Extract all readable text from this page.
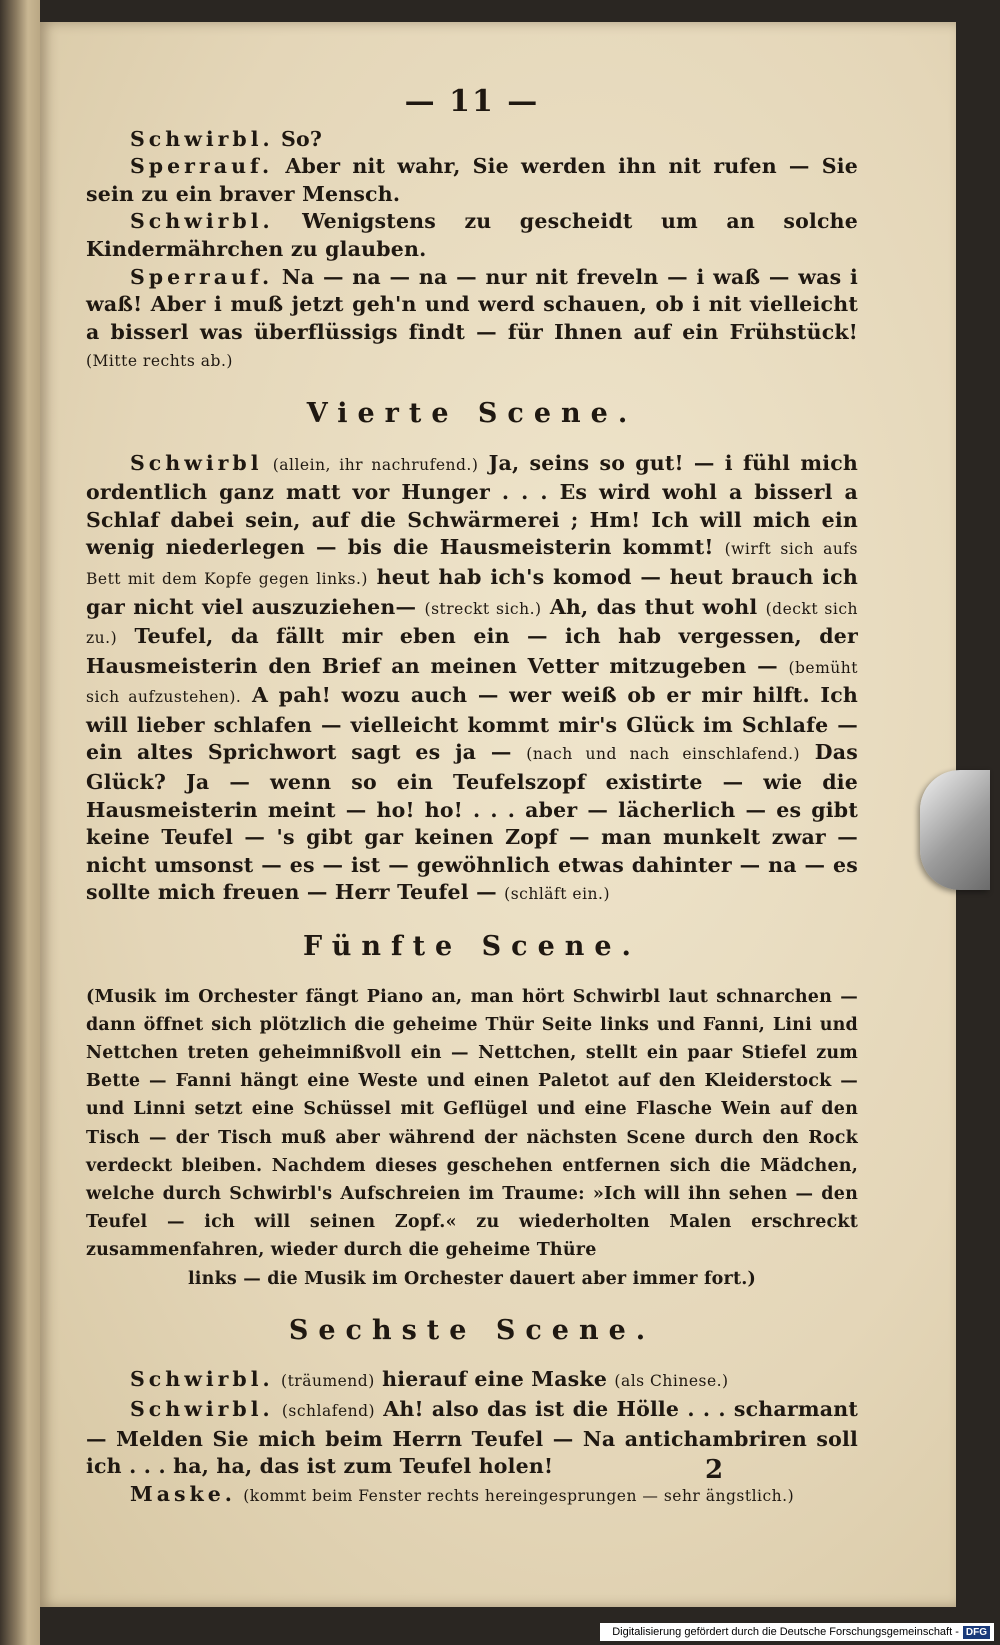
— 11 —

Schwirbl. So?

Sperrauf. Aber nit wahr, Sie werden ihn nit rufen — Sie sein zu ein braver Mensch.

Schwirbl. Wenigstens zu gescheidt um an solche Kindermährchen zu glauben.

Sperrauf. Na — na — na — nur nit freveln — i waß — was i waß! Aber i muß jetzt geh'n und werd schauen, ob i nit vielleicht a bisserl was überflüssigs findt — für Ihnen auf ein Frühstück! (Mitte rechts ab.)

Vierte Scene.

Schwirbl (allein, ihr nachrufend.) Ja, seins so gut! — i fühl mich ordentlich ganz matt vor Hunger . . . Es wird wohl a bisserl a Schlaf dabei sein, auf die Schwärmerei ; Hm! Ich will mich ein wenig niederlegen — bis die Hausmeisterin kommt! (wirft sich aufs Bett mit dem Kopfe gegen links.) heut hab ich's komod — heut brauch ich gar nicht viel auszuziehen— (streckt sich.) Ah, das thut wohl (deckt sich zu.) Teufel, da fällt mir eben ein — ich hab vergessen, der Hausmeisterin den Brief an meinen Vetter mitzugeben — (bemüht sich aufzustehen). A pah! wozu auch — wer weiß ob er mir hilft. Ich will lieber schlafen — vielleicht kommt mir's Glück im Schlafe — ein altes Sprichwort sagt es ja — (nach und nach einschlafend.) Das Glück? Ja — wenn so ein Teufelszopf existirte — wie die Hausmeisterin meint — ho! ho! . . . aber — lächerlich — es gibt keine Teufel — 's gibt gar keinen Zopf — man munkelt zwar — nicht umsonst — es — ist — gewöhnlich etwas dahinter — na — es sollte mich freuen — Herr Teufel — (schläft ein.)

Fünfte Scene.

(Musik im Orchester fängt Piano an, man hört Schwirbl laut schnarchen — dann öffnet sich plötzlich die geheime Thür Seite links und Fanni, Lini und Nettchen treten geheimnißvoll ein — Nettchen, stellt ein paar Stiefel zum Bette — Fanni hängt eine Weste und einen Paletot auf den Kleiderstock — und Linni setzt eine Schüssel mit Geflügel und eine Flasche Wein auf den Tisch — der Tisch muß aber während der nächsten Scene durch den Rock verdeckt bleiben. Nachdem dieses geschehen entfernen sich die Mädchen, welche durch Schwirbl's Aufschreien im Traume: »Ich will ihn sehen — den Teufel — ich will seinen Zopf.« zu wiederholten Malen erschreckt zusammenfahren, wieder durch die geheime Thüre

links — die Musik im Orchester dauert aber immer fort.)

Sechste Scene.

Schwirbl. (träumend) hierauf eine Maske (als Chinese.)

Schwirbl. (schlafend) Ah! also das ist die Hölle . . . scharmant — Melden Sie mich beim Herrn Teufel — Na antichambriren soll ich . . . ha, ha, das ist zum Teufel holen!

Maske. (kommt beim Fenster rechts hereingesprungen — sehr ängstlich.)

2
Digitalisierung gefördert durch die Deutsche Forschungsgemeinschaft - DFG
